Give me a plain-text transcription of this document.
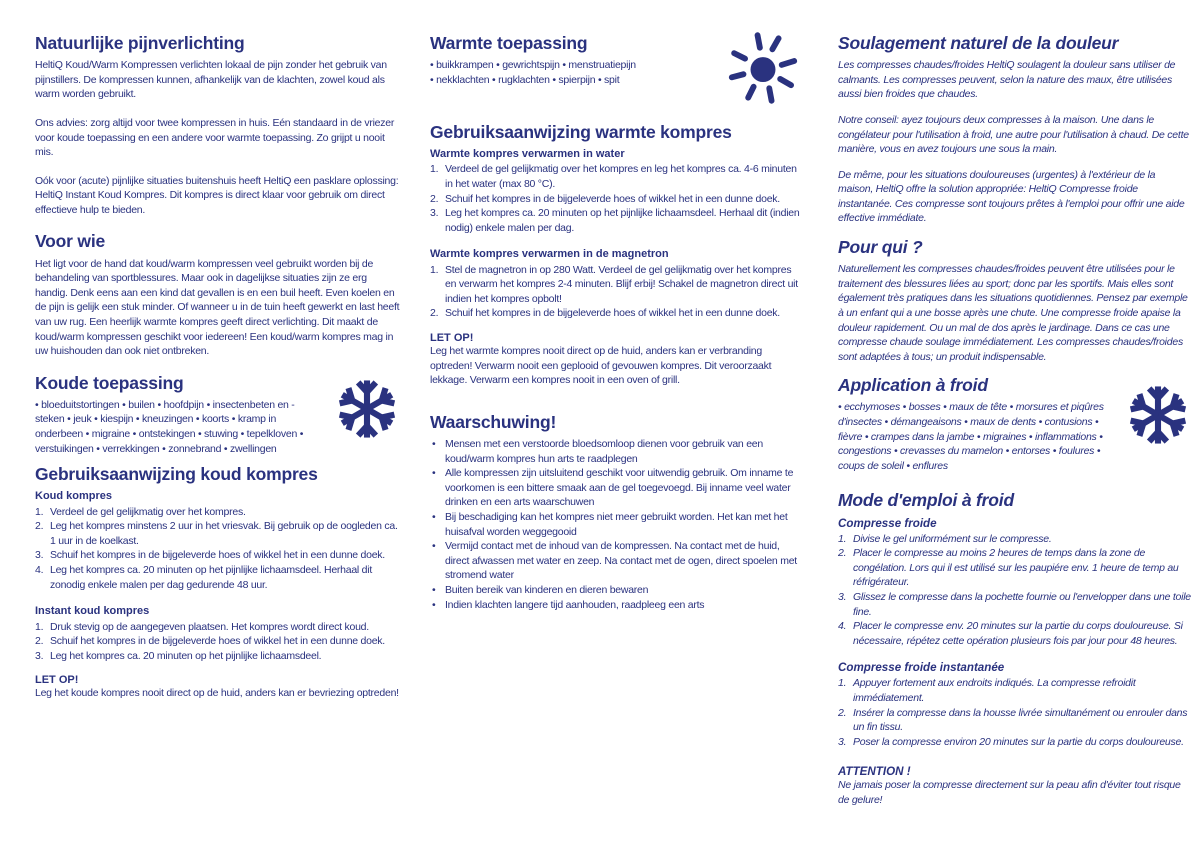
Natuurlijke pijnverlichting
HeltiQ Koud/Warm Kompressen verlichten lokaal de pijn zonder het gebruik van pijnstillers. De kompressen kunnen, afhankelijk van de klachten, zowel koud als warm worden gebruikt.
Ons advies: zorg altijd voor twee kompressen in huis. Eén standaard in de vriezer voor koude toepassing en een andere voor warmte toepassing. Zo grijpt u nooit mis.
Oók voor (acute) pijnlijke situaties buitenshuis heeft HeltiQ een pasklare oplossing: HeltiQ Instant Koud Kompres. Dit kompres is direct klaar voor gebruik om direct effectieve hulp te bieden.
Voor wie
Het ligt voor de hand dat koud/warm kompressen veel gebruikt worden bij de behandeling van sportblessures. Maar ook in dagelijkse situaties zijn ze erg handig. Denk eens aan een kind dat gevallen is en een buil heeft. Even koelen en de pijn is gelijk een stuk minder. Of wanneer u in de tuin heeft gewerkt en last heeft van uw rug. Een heerlijk warmte kompres geeft direct verlichting. Dit maakt de koud/warm kompressen geschikt voor iedereen! Een koud/warm kompres mag in uw huishouden dan ook niet ontbreken.
Koude toepassing
• bloeduitstortingen • builen • hoofdpijn • insectenbeten en -steken • jeuk • kiespijn • kneuzingen • koorts • kramp in onderbeen • migraine • ontstekingen • stuwing • tepelkloven • verstuikingen • verrekkingen • zonnebrand • zwellingen
Gebruiksaanwijzing koud kompres
Koud kompres
Verdeel de gel gelijkmatig over het kompres.
Leg het kompres minstens 2 uur in het vriesvak. Bij gebruik op de oogleden ca. 1 uur in de koelkast.
Schuif het kompres in de bijgeleverde hoes of wikkel het in een dunne doek.
Leg het kompres ca. 20 minuten op het pijnlijke lichaamsdeel. Herhaal dit zonodig enkele malen per dag gedurende 48 uur.
Instant koud kompres
Druk stevig op de aangegeven plaatsen. Het kompres wordt direct koud.
Schuif het kompres in de bijgeleverde hoes of wikkel het in een dunne doek.
Leg het kompres ca. 20 minuten op het pijnlijke lichaamsdeel.
LET OP!
Leg het koude kompres nooit direct op de huid, anders kan er bevriezing optreden!
Warmte toepassing
• buikkrampen • gewrichtspijn • menstruatiepijn
• nekklachten • rugklachten • spierpijn • spit
Gebruiksaanwijzing warmte kompres
Warmte kompres verwarmen in water
Verdeel de gel gelijkmatig over het kompres en leg het kompres ca. 4-6 minuten in het water (max 80 °C).
Schuif het kompres in de bijgeleverde hoes of wikkel het in een dunne doek.
Leg het kompres ca. 20 minuten op het pijnlijke lichaamsdeel. Herhaal dit (indien nodig) enkele malen per dag.
Warmte kompres verwarmen in de magnetron
Stel de magnetron in op 280 Watt. Verdeel de gel gelijkmatig over het kompres en verwarm het kompres 2-4 minuten. Blijf erbij! Schakel de magnetron direct uit indien het kompres opbolt!
Schuif het kompres in de bijgeleverde hoes of wikkel het in een dunne doek.
LET OP!
Leg het warmte kompres nooit direct op de huid, anders kan er verbranding optreden! Verwarm nooit een geplooid of gevouwen kompres. Dit veroorzaakt lekkage. Verwarm een kompres nooit in een oven of grill.
Waarschuwing!
• Mensen met een verstoorde bloedsomloop dienen voor gebruik van een koud/warm kompres hun arts te raadplegen
• Alle kompressen zijn uitsluitend geschikt voor uitwendig gebruik. Om inname te voorkomen is een bittere smaak aan de gel toegevoegd. Bij inname veel water drinken en een arts waarschuwen
• Bij beschadiging kan het kompres niet meer gebruikt worden. Het kan met het huisafval worden weggegooid
• Vermijd contact met de inhoud van de kompressen. Na contact met de huid, direct afwassen met water en zeep. Na contact met de ogen, direct spoelen met stromend water
• Buiten bereik van kinderen en dieren bewaren
• Indien klachten langere tijd aanhouden, raadpleeg een arts
Soulagement naturel de la douleur
Les compresses chaudes/froides HeltiQ soulagent la douleur sans utiliser de calmants. Les compresses peuvent, selon la nature des maux, être utilisées aussi bien froides que chaudes.
Notre conseil: ayez toujours deux compresses à la maison. Une dans le congélateur pour l'utilisation à froid, une autre pour l'utilisation à chaud. De cette manière, vous en avez toujours une sous la main.
De même, pour les situations douloureuses (urgentes) à l'extérieur de la maison, HeltiQ offre la solution appropriée: HeltiQ Compresse froide instantanée. Ces compresse sont toujours prêtes à l'emploi pour offrir une aide effective immédiate.
Pour qui ?
Naturellement les compresses chaudes/froides peuvent être utilisées pour le traitement des blessures liées au sport; donc par les sportifs. Mais elles sont également très pratiques dans les situations quotidiennes. Pensez par exemple à un enfant qui a une bosse après une chute. Une compresse froide apaise la douleur rapidement. Ou un mal de dos après le jardinage. Dans ce cas une compresse chaude soulage immédiatement. Les compresses chaudes/froides sont adaptées à tous; un produit indispensable.
Application à froid
• ecchymoses • bosses • maux de tête • morsures et piqûres d'insectes • démangeaisons • maux de dents • contusions • fièvre • crampes dans la jambe • migraines • inflammations • congestions • crevasses du mamelon • entorses • foulures • coups de soleil • enflures
Mode d'emploi à froid
Compresse froide
Divise le gel uniformément sur le compresse.
Placer le compresse au moins 2 heures de temps dans la zone de congélation. Lors qui il est utilisé sur les paupiére env. 1 heure de temp au réfrigérateur.
Glissez le compresse dans la pochette fournie ou l'envelopper dans une toile fine.
Placer le compresse env. 20 minutes sur la partie du corps douloureuse. Si nécessaire, répétez cette opération plusieurs fois par jour pour 48 heures.
Compresse froide instantanée
Appuyer fortement aux endroits indiqués. La compresse refroidit immédiatement.
Insérer la compresse dans la housse livrée simultanément ou enrouler dans un fin tissu.
Poser la compresse environ 20 minutes sur la partie du corps douloureuse.
ATTENTION !
Ne jamais poser la compresse directement sur la peau afin d'éviter tout risque de gelure!
